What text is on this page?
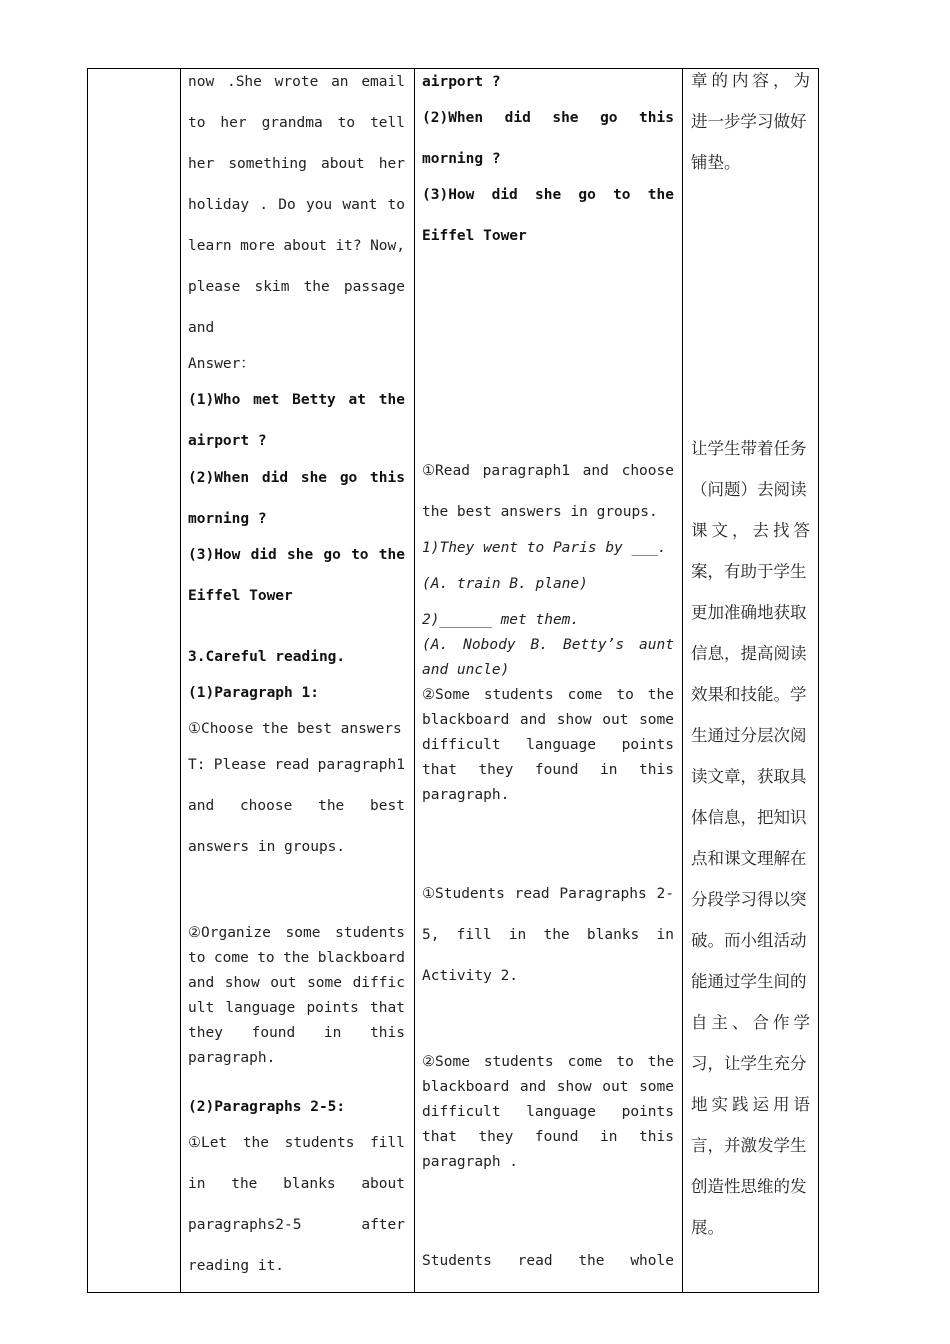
now .She wrote an email
to her grandma to tell
her something about her
holiday . Do you want to
learn more about it? Now,
please skim the passage
and
Answer：
(1)Who met Betty at the
airport ?
(2)When did she go this
morning ?
(3)How did she go to the
Eiffel Tower
3.Careful reading.
(1)Paragraph 1:
①Choose the best answers
T: Please read paragraph1
and choose the best
answers in groups.
②Organize some students
to come to the blackboard
and show out some diffic
ult language points that
they found in this
paragraph.
(2)Paragraphs 2-5:
①Let the students fill
in the blanks about
paragraphs2-5	after
reading it.
airport ?
(2)When did she go this
morning ?
(3)How did she go to the
Eiffel Tower
①Read paragraph1 and choose
the best answers in groups.
1)They went to Paris by ___.
(A. train B. plane)
2)______ met them.
(A. Nobody B. Betty’s aunt
and uncle)
②Some students come to the
blackboard and show out some
difficult language points
that they found in this
paragraph.
①Students read Paragraphs 2-
5, fill in the blanks in
Activity 2.
②Some students come to the
blackboard and show out some
difficult language points
that they found in this
paragraph .
Students read the whole
章 的 内 容 ， 为
进一步学习做好
铺垫。
让学生带着任务
（问题）去阅读
课 文 ， 去 找 答
案，有助于学生
更加准确地获取
信息，提高阅读
效果和技能。学
生通过分层次阅
读文章，获取具
体信息，把知识
点和课文理解在
分段学习得以突
破。而小组活动
能通过学生间的
自 主 、 合 作 学
习，让学生充分
地 实 践 运 用 语
言，并激发学生
创造性思维的发
展。
